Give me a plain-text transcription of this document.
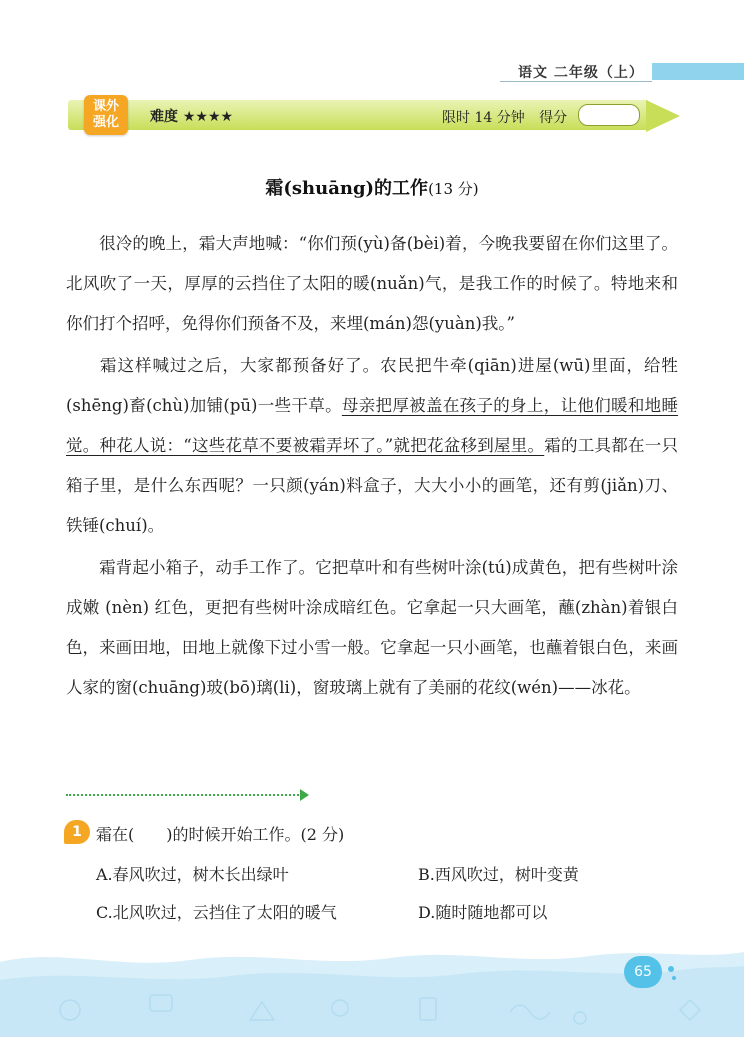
语文 二年级（上）
课外
强化	难度 ★★★★	限时 14 分钟 得分
霜(shuāng)的工作(13 分)
很冷的晚上，霜大声地喊：“你们预(yù)备(bèi)着，今晚我要留在你们这里了。北风吹了一天，厚厚的云挡住了太阳的暖(nuǎn)气，是我工作的时候了。特地来和你们打个招呼，免得你们预备不及，来埋(mán)怨(yuàn)我。”
霜这样喊过之后，大家都预备好了。农民把牛牵(qiān)进屋(wū)里面，给牲(shēng)畜(chù)加铺(pū)一些干草。母亲把厚被盖在孩子的身上，让他们暖和地睡觉。种花人说：“这些花草不要被霜弄坏了。”就把花盆移到屋里。霜的工具都在一只箱子里，是什么东西呢？一只颜(yán)料盒子，大大小小的画笔，还有剪(jiǎn)刀、铁锤(chuí)。
霜背起小箱子，动手工作了。它把草叶和有些树叶涂(tú)成黄色，把有些树叶涂成嫩 (nèn) 红色，更把有些树叶涂成暗红色。它拿起一只大画笔，蘸(zhàn)着银白色，来画田地，田地上就像下过小雪一般。它拿起一只小画笔，也蘸着银白色，来画人家的窗(chuāng)玻(bō)璃(li)，窗玻璃上就有了美丽的花纹(wén)——冰花。
1 霜在(　　)的时候开始工作。(2 分)
A.春风吹过，树木长出绿叶	B.西风吹过，树叶变黄
C.北风吹过，云挡住了太阳的暖气	D.随时随地都可以
65
